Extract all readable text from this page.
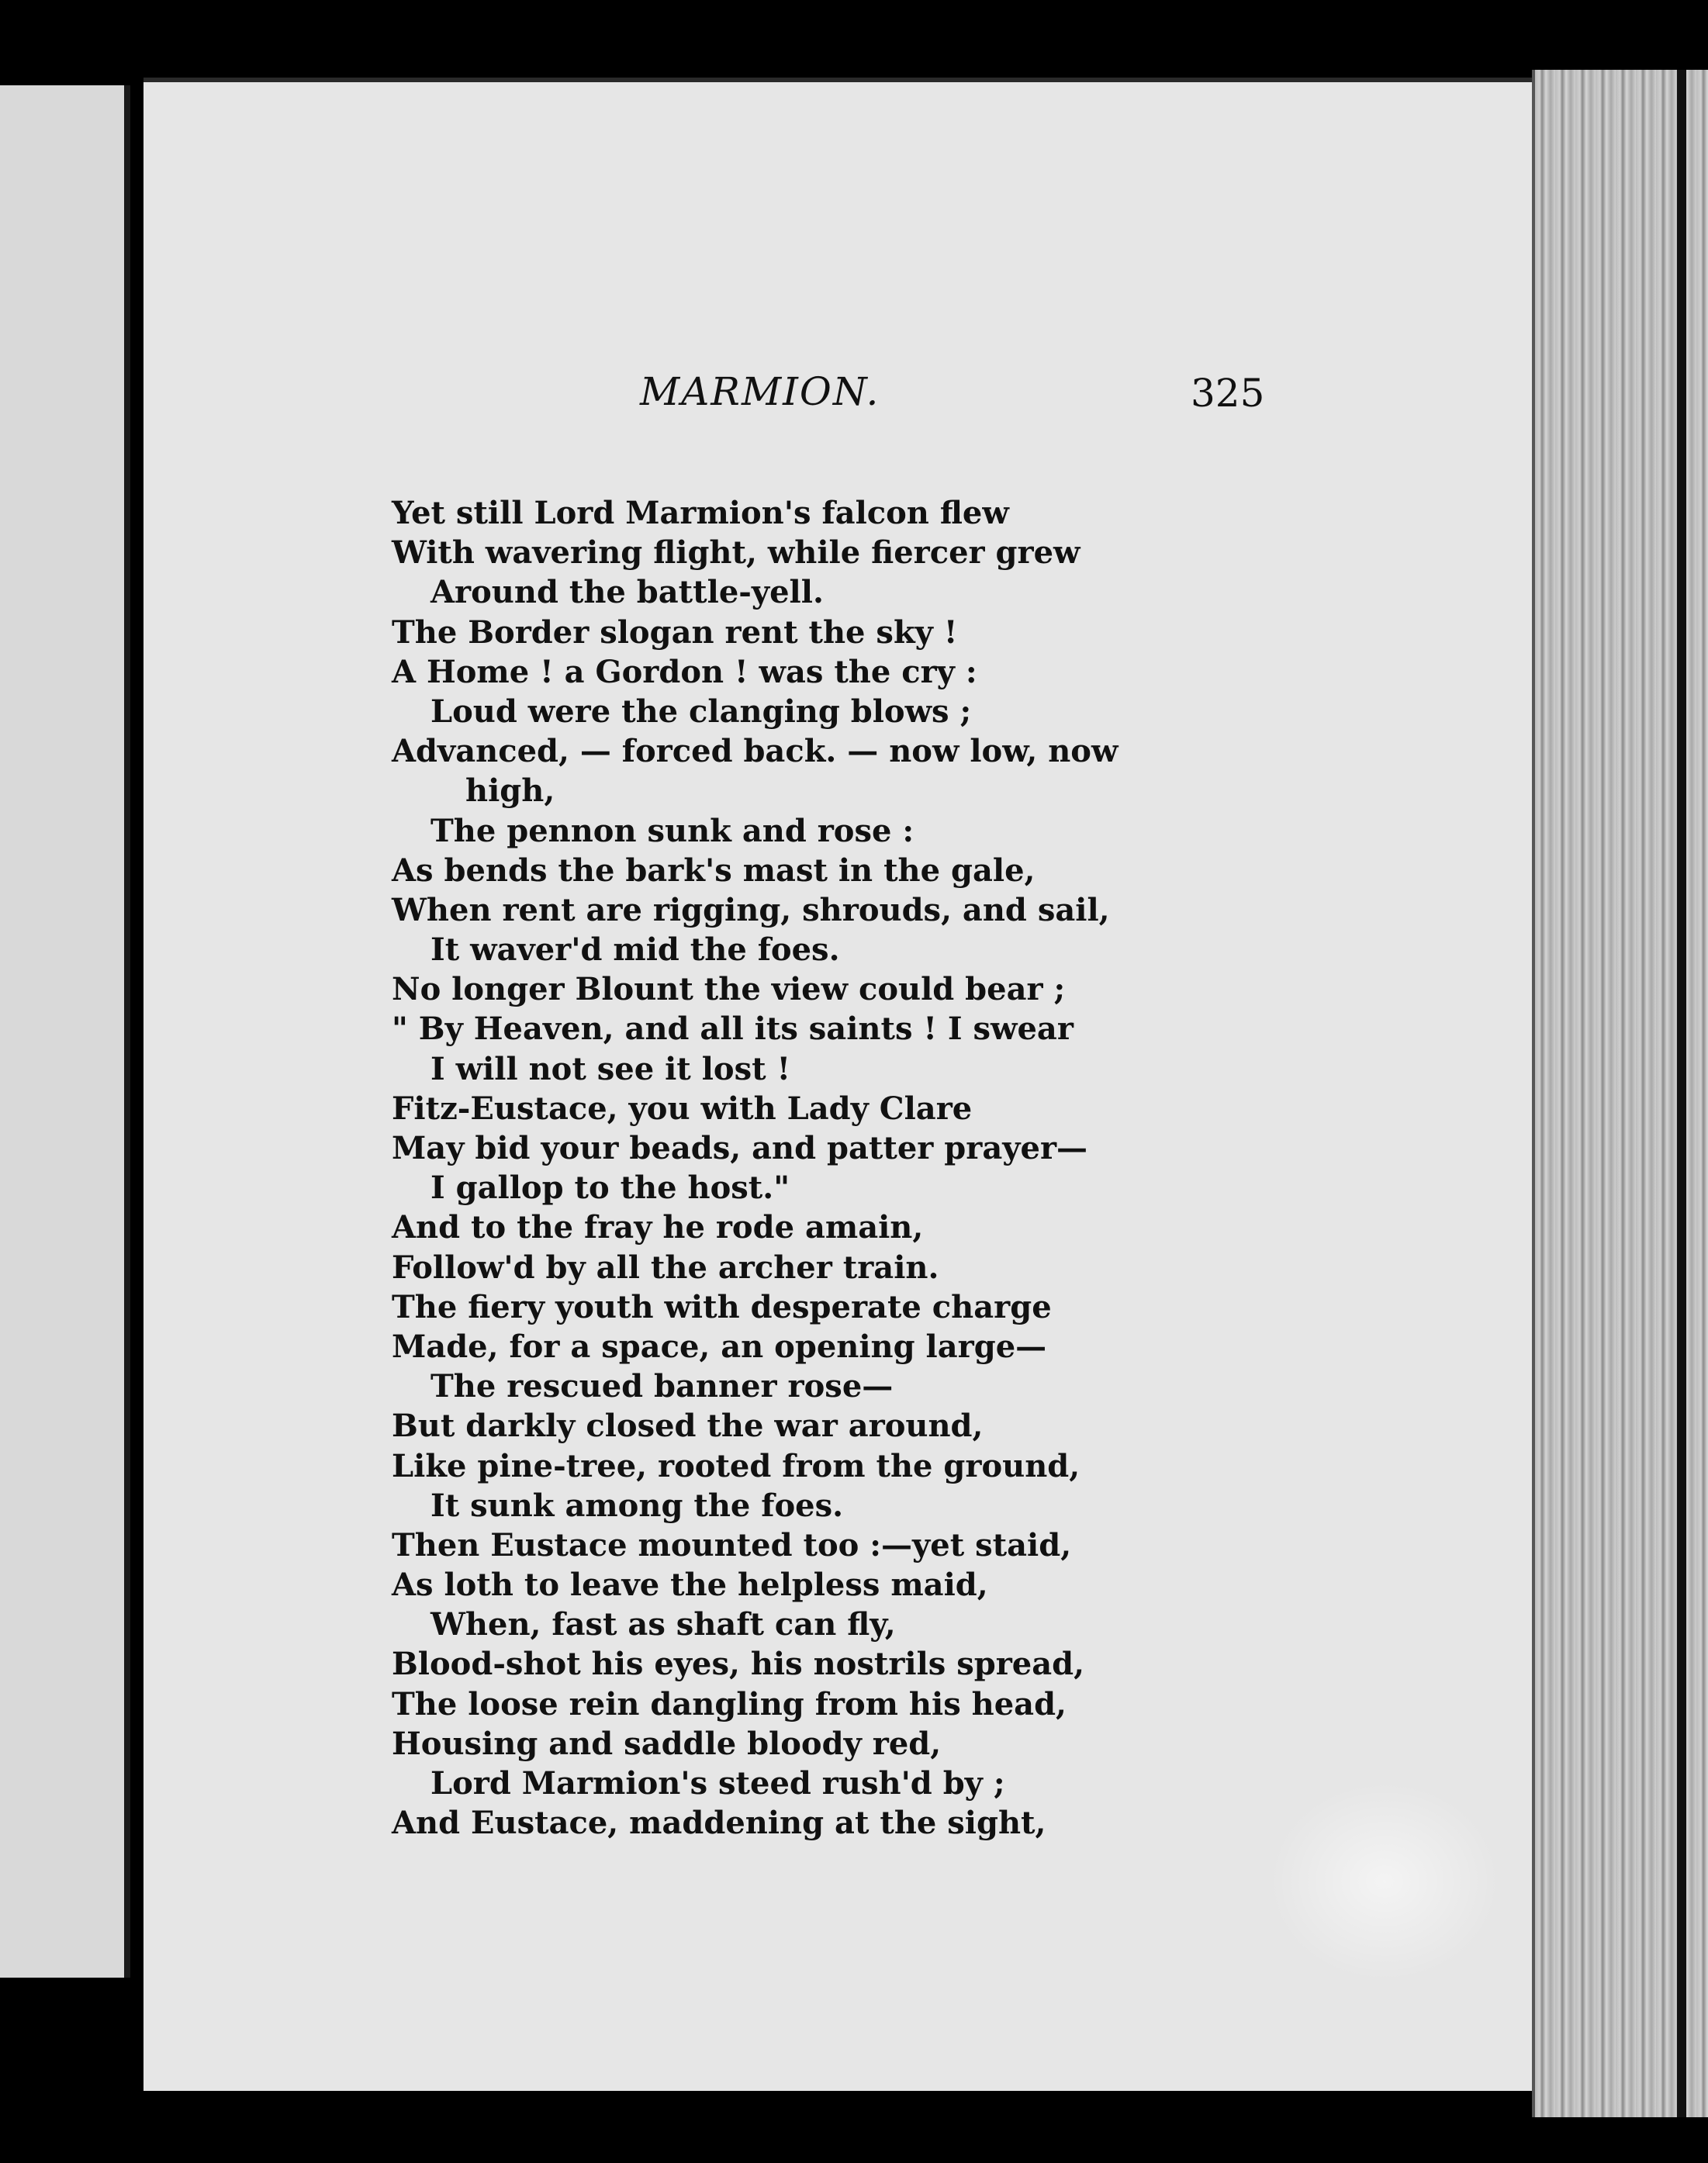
MARMION.	325
Yet still Lord Marmion's falcon flew
With wavering flight, while fiercer grew
Around the battle-yell.
The Border slogan rent the sky !
A Home ! a Gordon ! was the cry :
Loud were the clanging blows ;
Advanced, — forced back. — now low, now
high,
The pennon sunk and rose :
As bends the bark's mast in the gale,
When rent are rigging, shrouds, and sail,
It waver'd mid the foes.
No longer Blount the view could bear ;
" By Heaven, and all its saints ! I swear
I will not see it lost !
Fitz-Eustace, you with Lady Clare
May bid your beads, and patter prayer—
I gallop to the host."
And to the fray he rode amain,
Follow'd by all the archer train.
The fiery youth with desperate charge
Made, for a space, an opening large—
The rescued banner rose—
But darkly closed the war around,
Like pine-tree, rooted from the ground,
It sunk among the foes.
Then Eustace mounted too :—yet staid,
As loth to leave the helpless maid,
When, fast as shaft can fly,
Blood-shot his eyes, his nostrils spread,
The loose rein dangling from his head,
Housing and saddle bloody red,
Lord Marmion's steed rush'd by ;
And Eustace, maddening at the sight,
